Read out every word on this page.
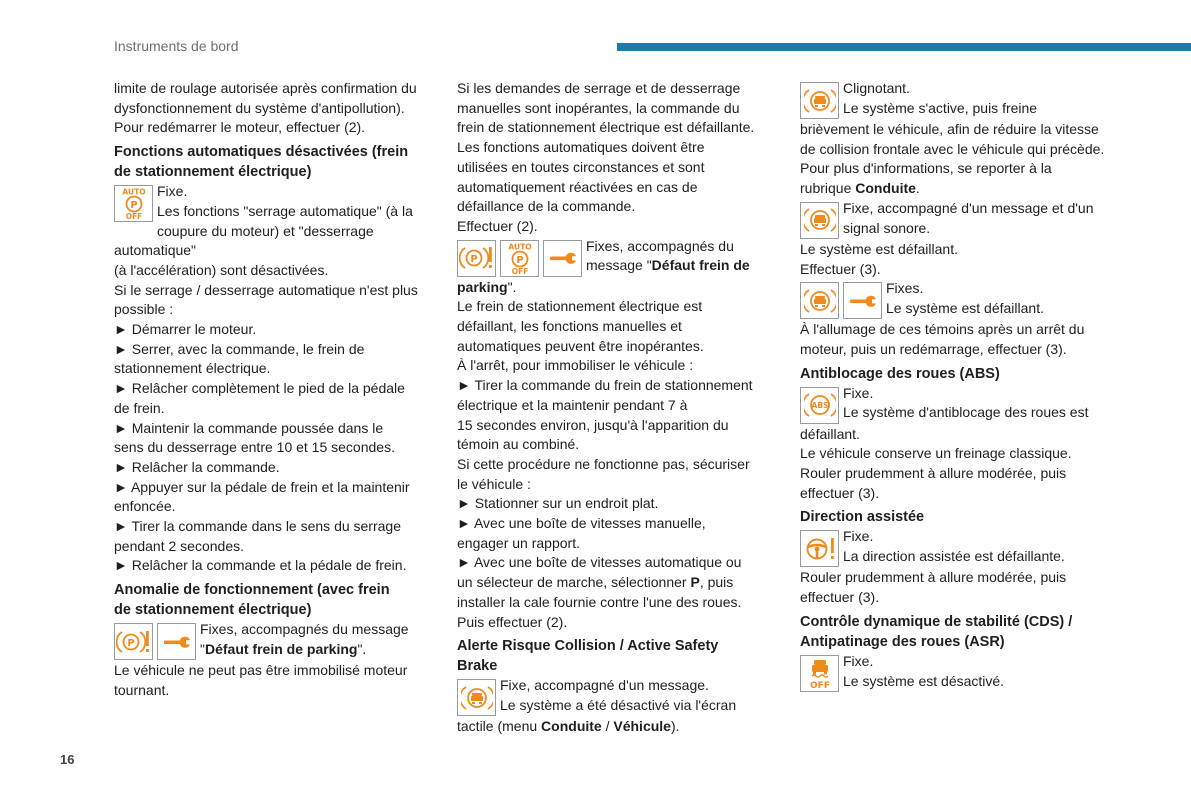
Instruments de bord
16

limite de roulage autorisée après confirmation du

dysfonctionnement du système d'antipollution).

Pour redémarrer le moteur, effectuer (2).

Fonctions automatiques désactivées (frein
de stationnement électrique)
AUTO
P
OFF

Fixe.

Les fonctions "serrage automatique" (à la

coupure du moteur) et "desserrage automatique"

(à l'accélération) sont désactivées.

Si le serrage / desserrage automatique n'est plus

possible :

► Démarrer le moteur.

► Serrer, avec la commande, le frein de

stationnement électrique.

► Relâcher complètement le pied de la pédale

de frein.

► Maintenir la commande poussée dans le

sens du desserrage entre 10 et 15 secondes.

► Relâcher la commande.

► Appuyer sur la pédale de frein et la maintenir

enfoncée.

► Tirer la commande dans le sens du serrage

pendant 2 secondes.

► Relâcher la commande et la pédale de frein.

Anomalie de fonctionnement (avec frein
de stationnement électrique)
P

Fixes, accompagnés du message

"Défaut frein de parking".

Le véhicule ne peut pas être immobilisé moteur

tournant.

Si les demandes de serrage et de desserrage

manuelles sont inopérantes, la commande du

frein de stationnement électrique est défaillante.

Les fonctions automatiques doivent être

utilisées en toutes circonstances et sont

automatiquement réactivées en cas de

défaillance de la commande.

Effectuer (2).

P
AUTO
P
OFF

Fixes, accompagnés du

message "Défaut frein de

parking".

Le frein de stationnement électrique est

défaillant, les fonctions manuelles et

automatiques peuvent être inopérantes.

À l'arrêt, pour immobiliser le véhicule :

► Tirer la commande du frein de stationnement

électrique et la maintenir pendant 7 à

15 secondes environ, jusqu'à l'apparition du

témoin au combiné.

Si cette procédure ne fonctionne pas, sécuriser

le véhicule :

► Stationner sur un endroit plat.

► Avec une boîte de vitesses manuelle,

engager un rapport.

► Avec une boîte de vitesses automatique ou

un sélecteur de marche, sélectionner P, puis

installer la cale fournie contre l'une des roues.

Puis effectuer (2).

Alerte Risque Collision / Active Safety
Brake

Fixe, accompagné d'un message.

Le système a été désactivé via l'écran

tactile (menu Conduite / Véhicule).

Clignotant.

Le système s'active, puis freine

brièvement le véhicule, afin de réduire la vitesse

de collision frontale avec le véhicule qui précède.

Pour plus d'informations, se reporter à la

rubrique Conduite.

Fixe, accompagné d'un message et d'un

signal sonore.

Le système est défaillant.

Effectuer (3).

Fixes.

Le système est défaillant.

À l'allumage de ces témoins après un arrêt du

moteur, puis un redémarrage, effectuer (3).

Antiblocage des roues (ABS)
ABS

Fixe.

Le système d'antiblocage des roues est

défaillant.

Le véhicule conserve un freinage classique.

Rouler prudemment à allure modérée, puis

effectuer (3).

Direction assistée

Fixe.

La direction assistée est défaillante.

Rouler prudemment à allure modérée, puis

effectuer (3).

Contrôle dynamique de stabilité (CDS) /
Antipatinage des roues (ASR)
OFF

Fixe.

Le système est désactivé.
